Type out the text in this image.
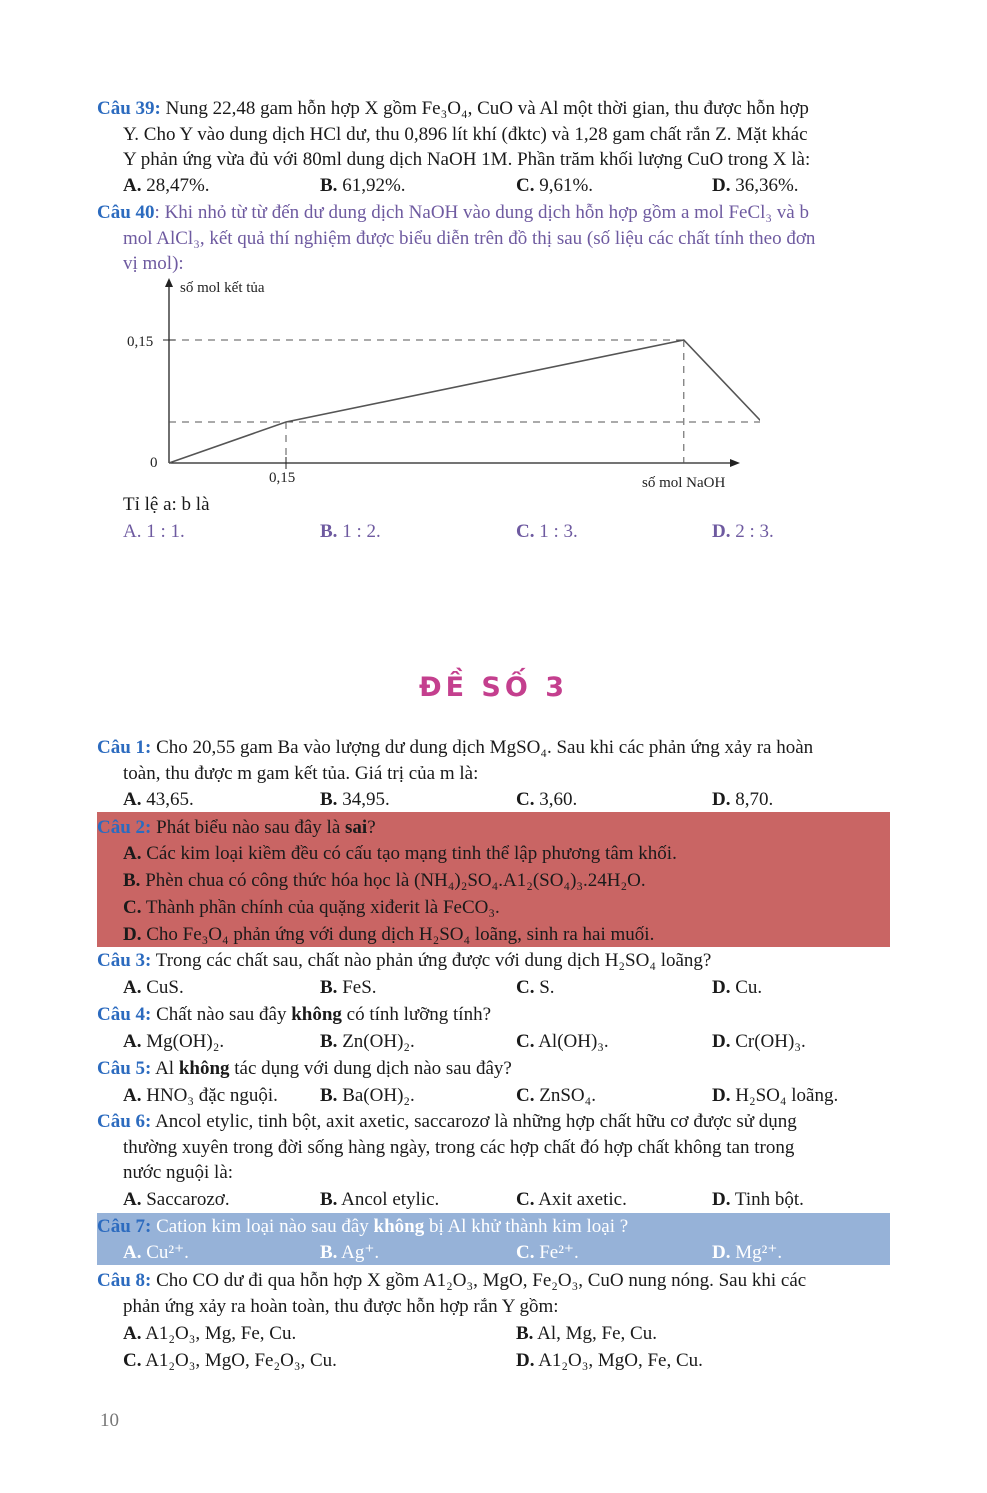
Câu 39: Nung 22,48 gam hỗn hợp X gồm Fe₃O₄, CuO và Al một thời gian, thu được hỗn hợp
Y. Cho Y vào dung dịch HCl dư, thu 0,896 lít khí (đktc) và 1,28 gam chất rắn Z. Mặt khác
Y phản ứng vừa đủ với 80ml dung dịch NaOH 1M. Phần trăm khối lượng CuO trong X là:
A. 28,47%.	B. 61,92%.	C. 9,61%.	D. 36,36%.
Câu 40: Khi nhỏ từ từ đến dư dung dịch NaOH vào dung dịch hỗn hợp gồm a mol FeCl₃ và b
mol AlCl₃, kết quả thí nghiệm được biểu diễn trên đồ thị sau (số liệu các chất tính theo đơn
vị mol):
số mol kết tủa
0,15
0
0,15	số mol NaOH
Tỉ lệ a: b là
A. 1 : 1.	B. 1 : 2.	C. 1 : 3.	D. 2 : 3.
ĐỀ SỐ 3
Câu 1: Cho 20,55 gam Ba vào lượng dư dung dịch MgSO₄. Sau khi các phản ứng xảy ra hoàn
toàn, thu được m gam kết tủa. Giá trị của m là:
A. 43,65.	B. 34,95.	C. 3,60.	D. 8,70.
Câu 2: Phát biểu nào sau đây là sai?
A. Các kim loại kiềm đều có cấu tạo mạng tinh thể lập phương tâm khối.
B. Phèn chua có công thức hóa học là (NH₄)₂SO₄.A1₂(SO₄)₃.24H₂O.
C. Thành phần chính của quặng xiđerit là FeCO₃.
D. Cho Fe₃O₄ phản ứng với dung dịch H₂SO₄ loãng, sinh ra hai muối.
Câu 3: Trong các chất sau, chất nào phản ứng được với dung dịch H₂SO₄ loãng?
A. CuS.	B. FeS.	C. S.	D. Cu.
Câu 4: Chất nào sau đây không có tính lưỡng tính?
A. Mg(OH)₂.	B. Zn(OH)₂.	C. Al(OH)₃.	D. Cr(OH)₃.
Câu 5: Al không tác dụng với dung dịch nào sau đây?
A. HNO₃ đặc nguội. B. Ba(OH)₂.	C. ZnSO₄.	D. H₂SO₄ loãng.
Câu 6: Ancol etylic, tinh bột, axit axetic, saccarozơ là những hợp chất hữu cơ được sử dụng
thường xuyên trong đời sống hàng ngày, trong các hợp chất đó hợp chất không tan trong
nước nguội là:
A. Saccarozơ.	B. Ancol etylic.	C. Axit axetic.	D. Tinh bột.
Câu 7: Cation kim loại nào sau đây không bị Al khử thành kim loại ?
A. Cu²⁺.	B. Ag⁺.	C. Fe²⁺.	D. Mg²⁺.
Câu 8: Cho CO dư đi qua hỗn hợp X gồm A1₂O₃, MgO, Fe₂O₃, CuO nung nóng. Sau khi các
phản ứng xảy ra hoàn toàn, thu được hỗn hợp rắn Y gồm:
A. A1₂O₃, Mg, Fe, Cu.	B. Al, Mg, Fe, Cu.
C. A1₂O₃, MgO, Fe₂O₃, Cu.	D. A1₂O₃, MgO, Fe, Cu.
10
